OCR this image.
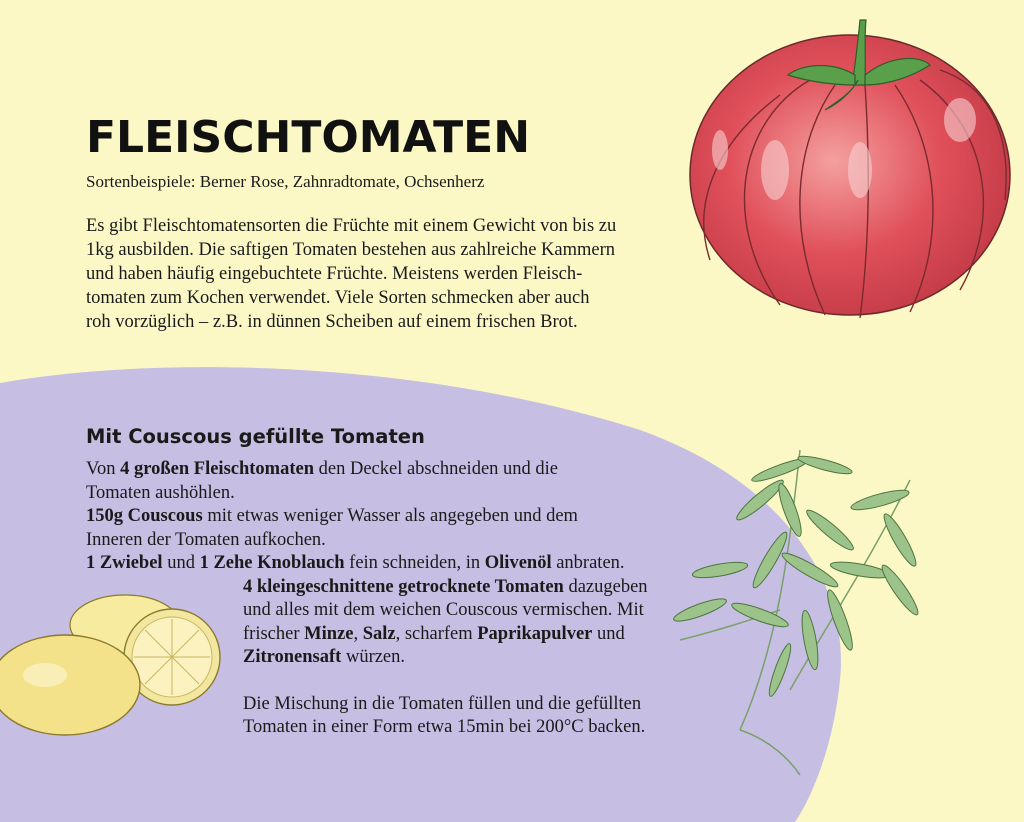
FLEISCHTOMATEN
Sortenbeispiele: Berner Rose, Zahnradtomate, Ochsenherz

Es gibt Fleischtomatensorten die Früchte mit einem Gewicht von bis zu

1kg ausbilden. Die saftigen Tomaten bestehen aus zahlreiche Kammern

und haben häufig eingebuchtete Früchte. Meistens werden Fleisch-

tomaten zum Kochen verwendet. Viele Sorten schmecken aber auch

roh vorzüglich – z.B. in dünnen Scheiben auf einem frischen Brot.

Mit Couscous gefüllte Tomaten

Von 4 großen Fleischtomaten den Deckel abschneiden und die

Tomaten aushöhlen.

150g Couscous mit etwas weniger Wasser als angegeben und dem

Inneren der Tomaten aufkochen.

1 Zwiebel und 1 Zehe Knoblauch fein schneiden, in Olivenöl anbraten.

4 kleingeschnittene getrocknete Tomaten dazugeben

und alles mit dem weichen Couscous vermischen. Mit

frischer Minze, Salz, scharfem Paprikapulver und

Zitronensaft würzen.

Die Mischung in die Tomaten füllen und die gefüllten

Tomaten in einer Form etwa 15min bei 200°C backen.
